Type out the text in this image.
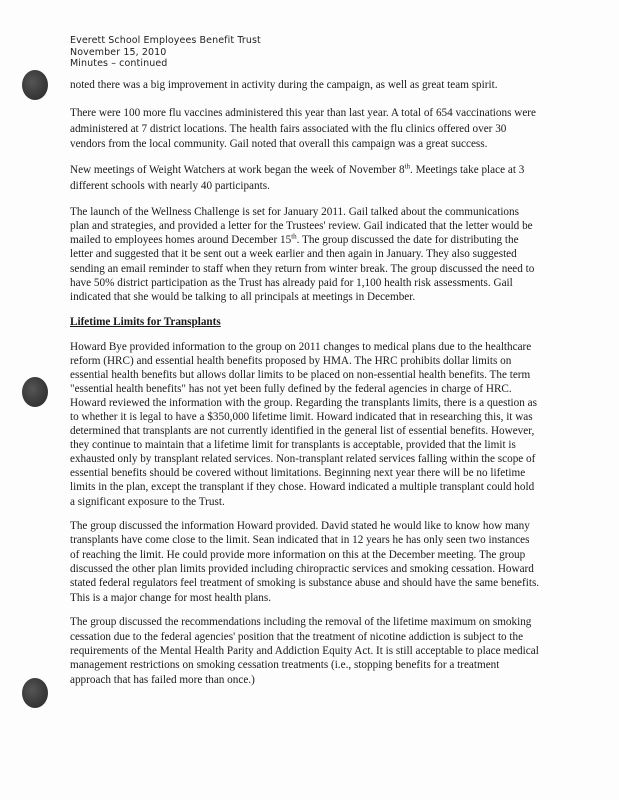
Everett School Employees Benefit Trust
November 15, 2010
Minutes – continued

noted there was a big improvement in activity during the campaign, as well as great team spirit.

There were 100 more flu vaccines administered this year than last year. A total of 654 vaccinations were administered at 7 district locations. The health fairs associated with the flu clinics offered over 30 vendors from the local community. Gail noted that overall this campaign was a great success.

New meetings of Weight Watchers at work began the week of November 8th. Meetings take place at 3 different schools with nearly 40 participants.

The launch of the Wellness Challenge is set for January 2011. Gail talked about the communications plan and strategies, and provided a letter for the Trustees' review. Gail indicated that the letter would be mailed to employees homes around December 15th. The group discussed the date for distributing the letter and suggested that it be sent out a week earlier and then again in January. They also suggested sending an email reminder to staff when they return from winter break. The group discussed the need to have 50% district participation as the Trust has already paid for 1,100 health risk assessments. Gail indicated that she would be talking to all principals at meetings in December.

Lifetime Limits for Transplants

Howard Bye provided information to the group on 2011 changes to medical plans due to the healthcare reform (HRC) and essential health benefits proposed by HMA. The HRC prohibits dollar limits on essential health benefits but allows dollar limits to be placed on non-essential health benefits. The term "essential health benefits" has not yet been fully defined by the federal agencies in charge of HRC. Howard reviewed the information with the group. Regarding the transplants limits, there is a question as to whether it is legal to have a $350,000 lifetime limit. Howard indicated that in researching this, it was determined that transplants are not currently identified in the general list of essential benefits. However, they continue to maintain that a lifetime limit for transplants is acceptable, provided that the limit is exhausted only by transplant related services. Non-transplant related services falling within the scope of essential benefits should be covered without limitations. Beginning next year there will be no lifetime limits in the plan, except the transplant if they chose. Howard indicated a multiple transplant could hold a significant exposure to the Trust.

The group discussed the information Howard provided. David stated he would like to know how many transplants have come close to the limit. Sean indicated that in 12 years he has only seen two instances of reaching the limit. He could provide more information on this at the December meeting. The group discussed the other plan limits provided including chiropractic services and smoking cessation. Howard stated federal regulators feel treatment of smoking is substance abuse and should have the same benefits. This is a major change for most health plans.

The group discussed the recommendations including the removal of the lifetime maximum on smoking cessation due to the federal agencies' position that the treatment of nicotine addiction is subject to the requirements of the Mental Health Parity and Addiction Equity Act. It is still acceptable to place medical management restrictions on smoking cessation treatments (i.e., stopping benefits for a treatment approach that has failed more than once.)
